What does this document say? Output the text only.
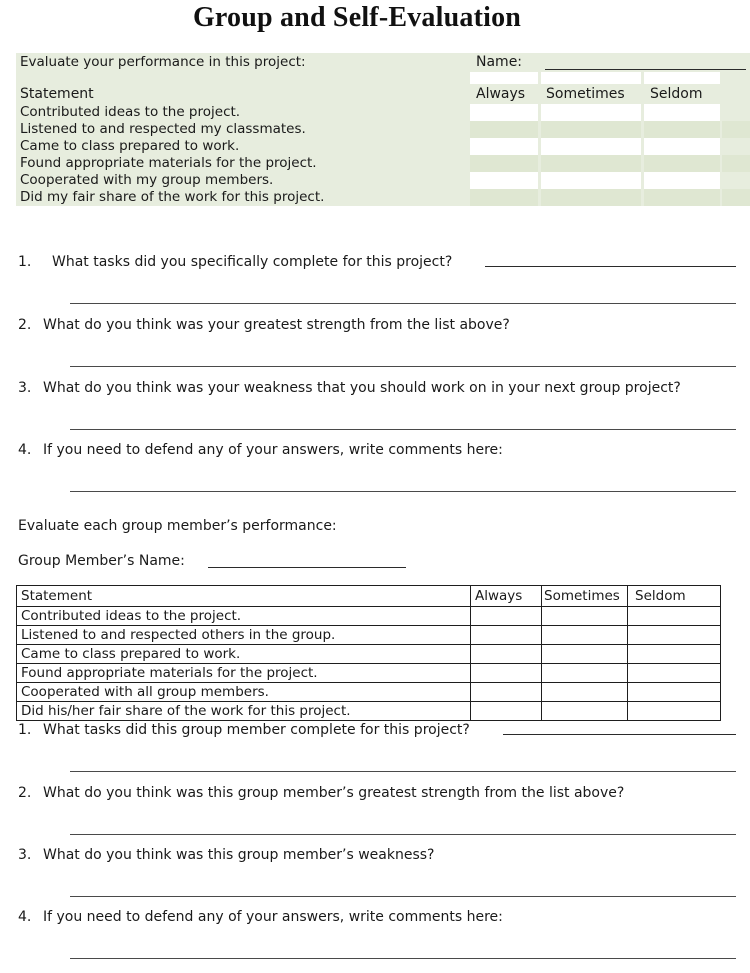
Group and Self-Evaluation
Evaluate your performance in this project:	Name:						

Statement	Always		Sometimes		Seldom		
Contributed ideas to the project.							
Listened to and respected my classmates.							
Came to class prepared to work.							
Found appropriate materials for the project.							
Cooperated with my group members.							
Did my fair share of the work for this project.							
1. What tasks did you specifically complete for this project?
2. What do you think was your greatest strength from the list above?
3. What do you think was your weakness that you should work on in your next group project?
4. If you need to defend any of your answers, write comments here:
Evaluate each group member’s performance:
Group Member’s Name:
Statement	Always	Sometimes	Seldom

Contributed ideas to the project.			
Listened to and respected others in the group.			
Came to class prepared to work.			
Found appropriate materials for the project.			
Cooperated with all group members.			
Did his/her fair share of the work for this project.			
1. What tasks did this group member complete for this project?
2. What do you think was this group member’s greatest strength from the list above?
3. What do you think was this group member’s weakness?
4. If you need to defend any of your answers, write comments here:
